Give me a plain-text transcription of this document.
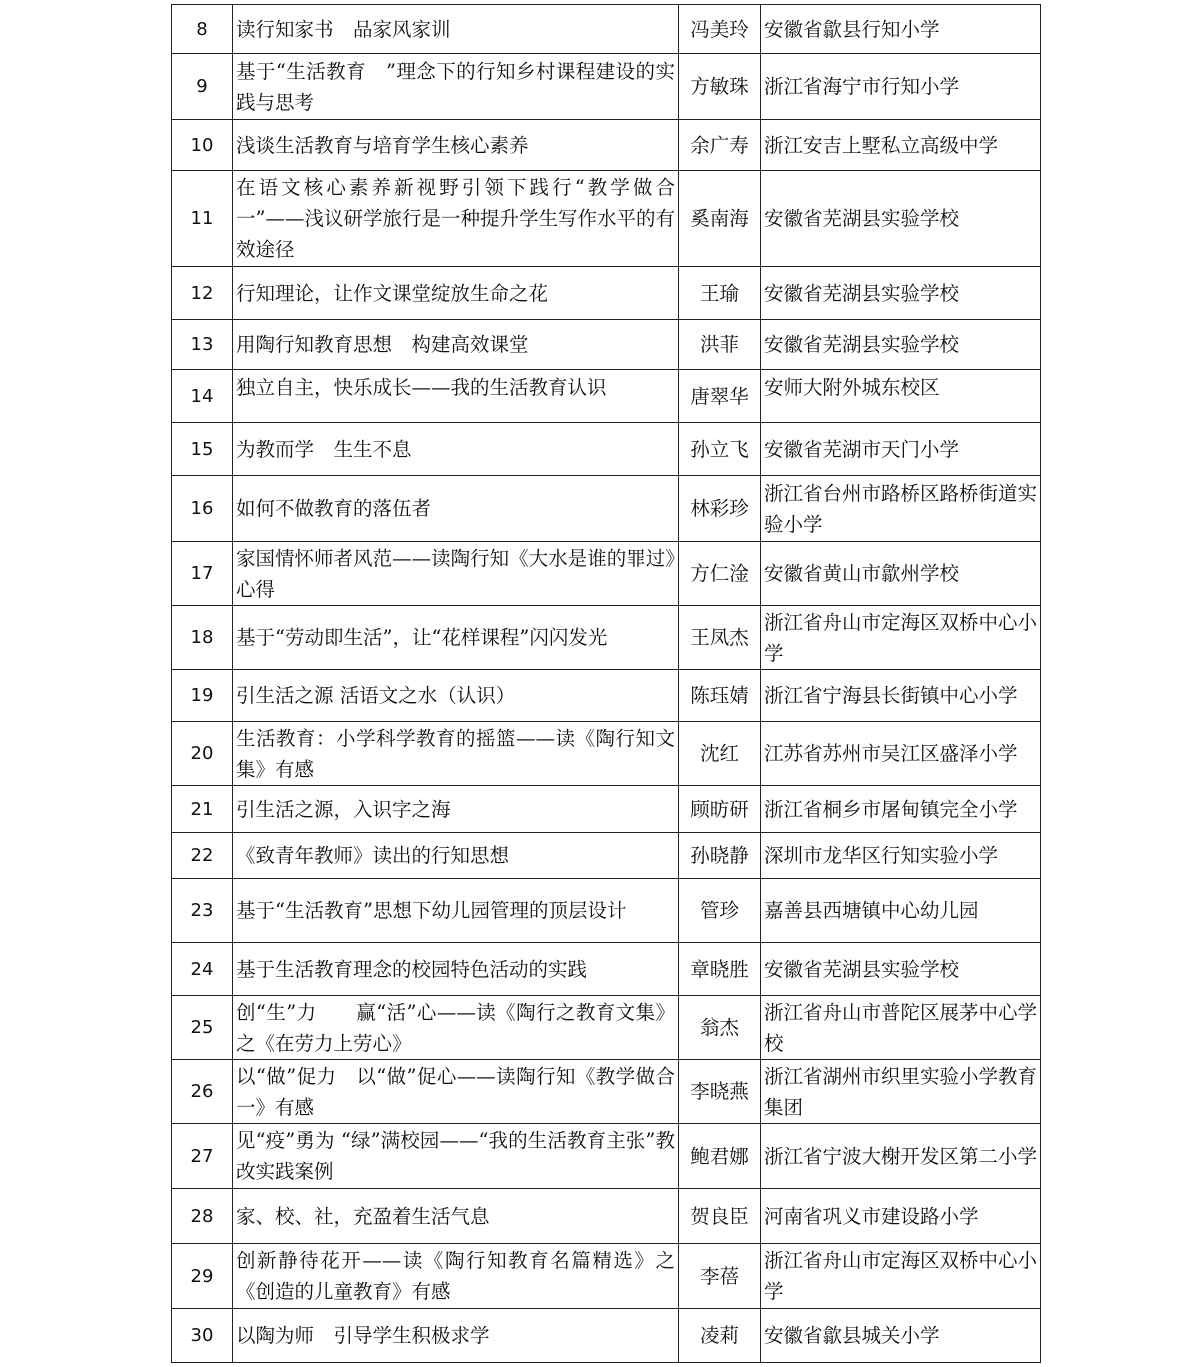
8	读行知家书　品家风家训	冯美玲	安徽省歙县行知小学
9	基于“生活教育　”理念下的行知乡村课程建设的实践与思考	方敏珠	浙江省海宁市行知小学
10	浅谈生活教育与培育学生核心素养	余广寿	浙江安吉上墅私立高级中学
11	在语文核心素养新视野引领下践行“教学做合一”——浅议研学旅行是一种提升学生写作水平的有效途径	奚南海	安徽省芜湖县实验学校
12	行知理论，让作文课堂绽放生命之花	王瑜	安徽省芜湖县实验学校
13	用陶行知教育思想　构建高效课堂	洪菲	安徽省芜湖县实验学校
14	独立自主，快乐成长——我的生活教育认识	唐翠华	安师大附外城东校区
15	为教而学　生生不息	孙立飞	安徽省芜湖市天门小学
16	如何不做教育的落伍者	林彩珍	浙江省台州市路桥区路桥街道实验小学
17	家国情怀师者风范——读陶行知《大水是谁的罪过》心得	方仁淦	安徽省黄山市歙州学校
18	基于“劳动即生活”，让“花样课程”闪闪发光	王凤杰	浙江省舟山市定海区双桥中心小学
19	引生活之源 活语文之水（认识）	陈珏婧	浙江省宁海县长街镇中心小学
20	生活教育：小学科学教育的摇篮——读《陶行知文集》有感	沈红	江苏省苏州市吴江区盛泽小学
21	引生活之源，入识字之海	顾昉研	浙江省桐乡市屠甸镇完全小学
22	《致青年教师》读出的行知思想	孙晓静	深圳市龙华区行知实验小学
23	基于“生活教育”思想下幼儿园管理的顶层设计	管珍	嘉善县西塘镇中心幼儿园
24	基于生活教育理念的校园特色活动的实践	章晓胜	安徽省芜湖县实验学校
25	创“生”力　　赢“活”心——读《陶行之教育文集》之《在劳力上劳心》	翁杰	浙江省舟山市普陀区展茅中心学校
26	以“做”促力　以“做”促心——读陶行知《教学做合一》有感	李晓燕	浙江省湖州市织里实验小学教育集团
27	见“疫”勇为 “绿”满校园——“我的生活教育主张”教改实践案例	鲍君娜	浙江省宁波大榭开发区第二小学
28	家、校、社，充盈着生活气息	贺良臣	河南省巩义市建设路小学
29	创新静待花开——读《陶行知教育名篇精选》之《创造的儿童教育》有感	李蓓	浙江省舟山市定海区双桥中心小学
30	以陶为师　引导学生积极求学	凌莉	安徽省歙县城关小学
